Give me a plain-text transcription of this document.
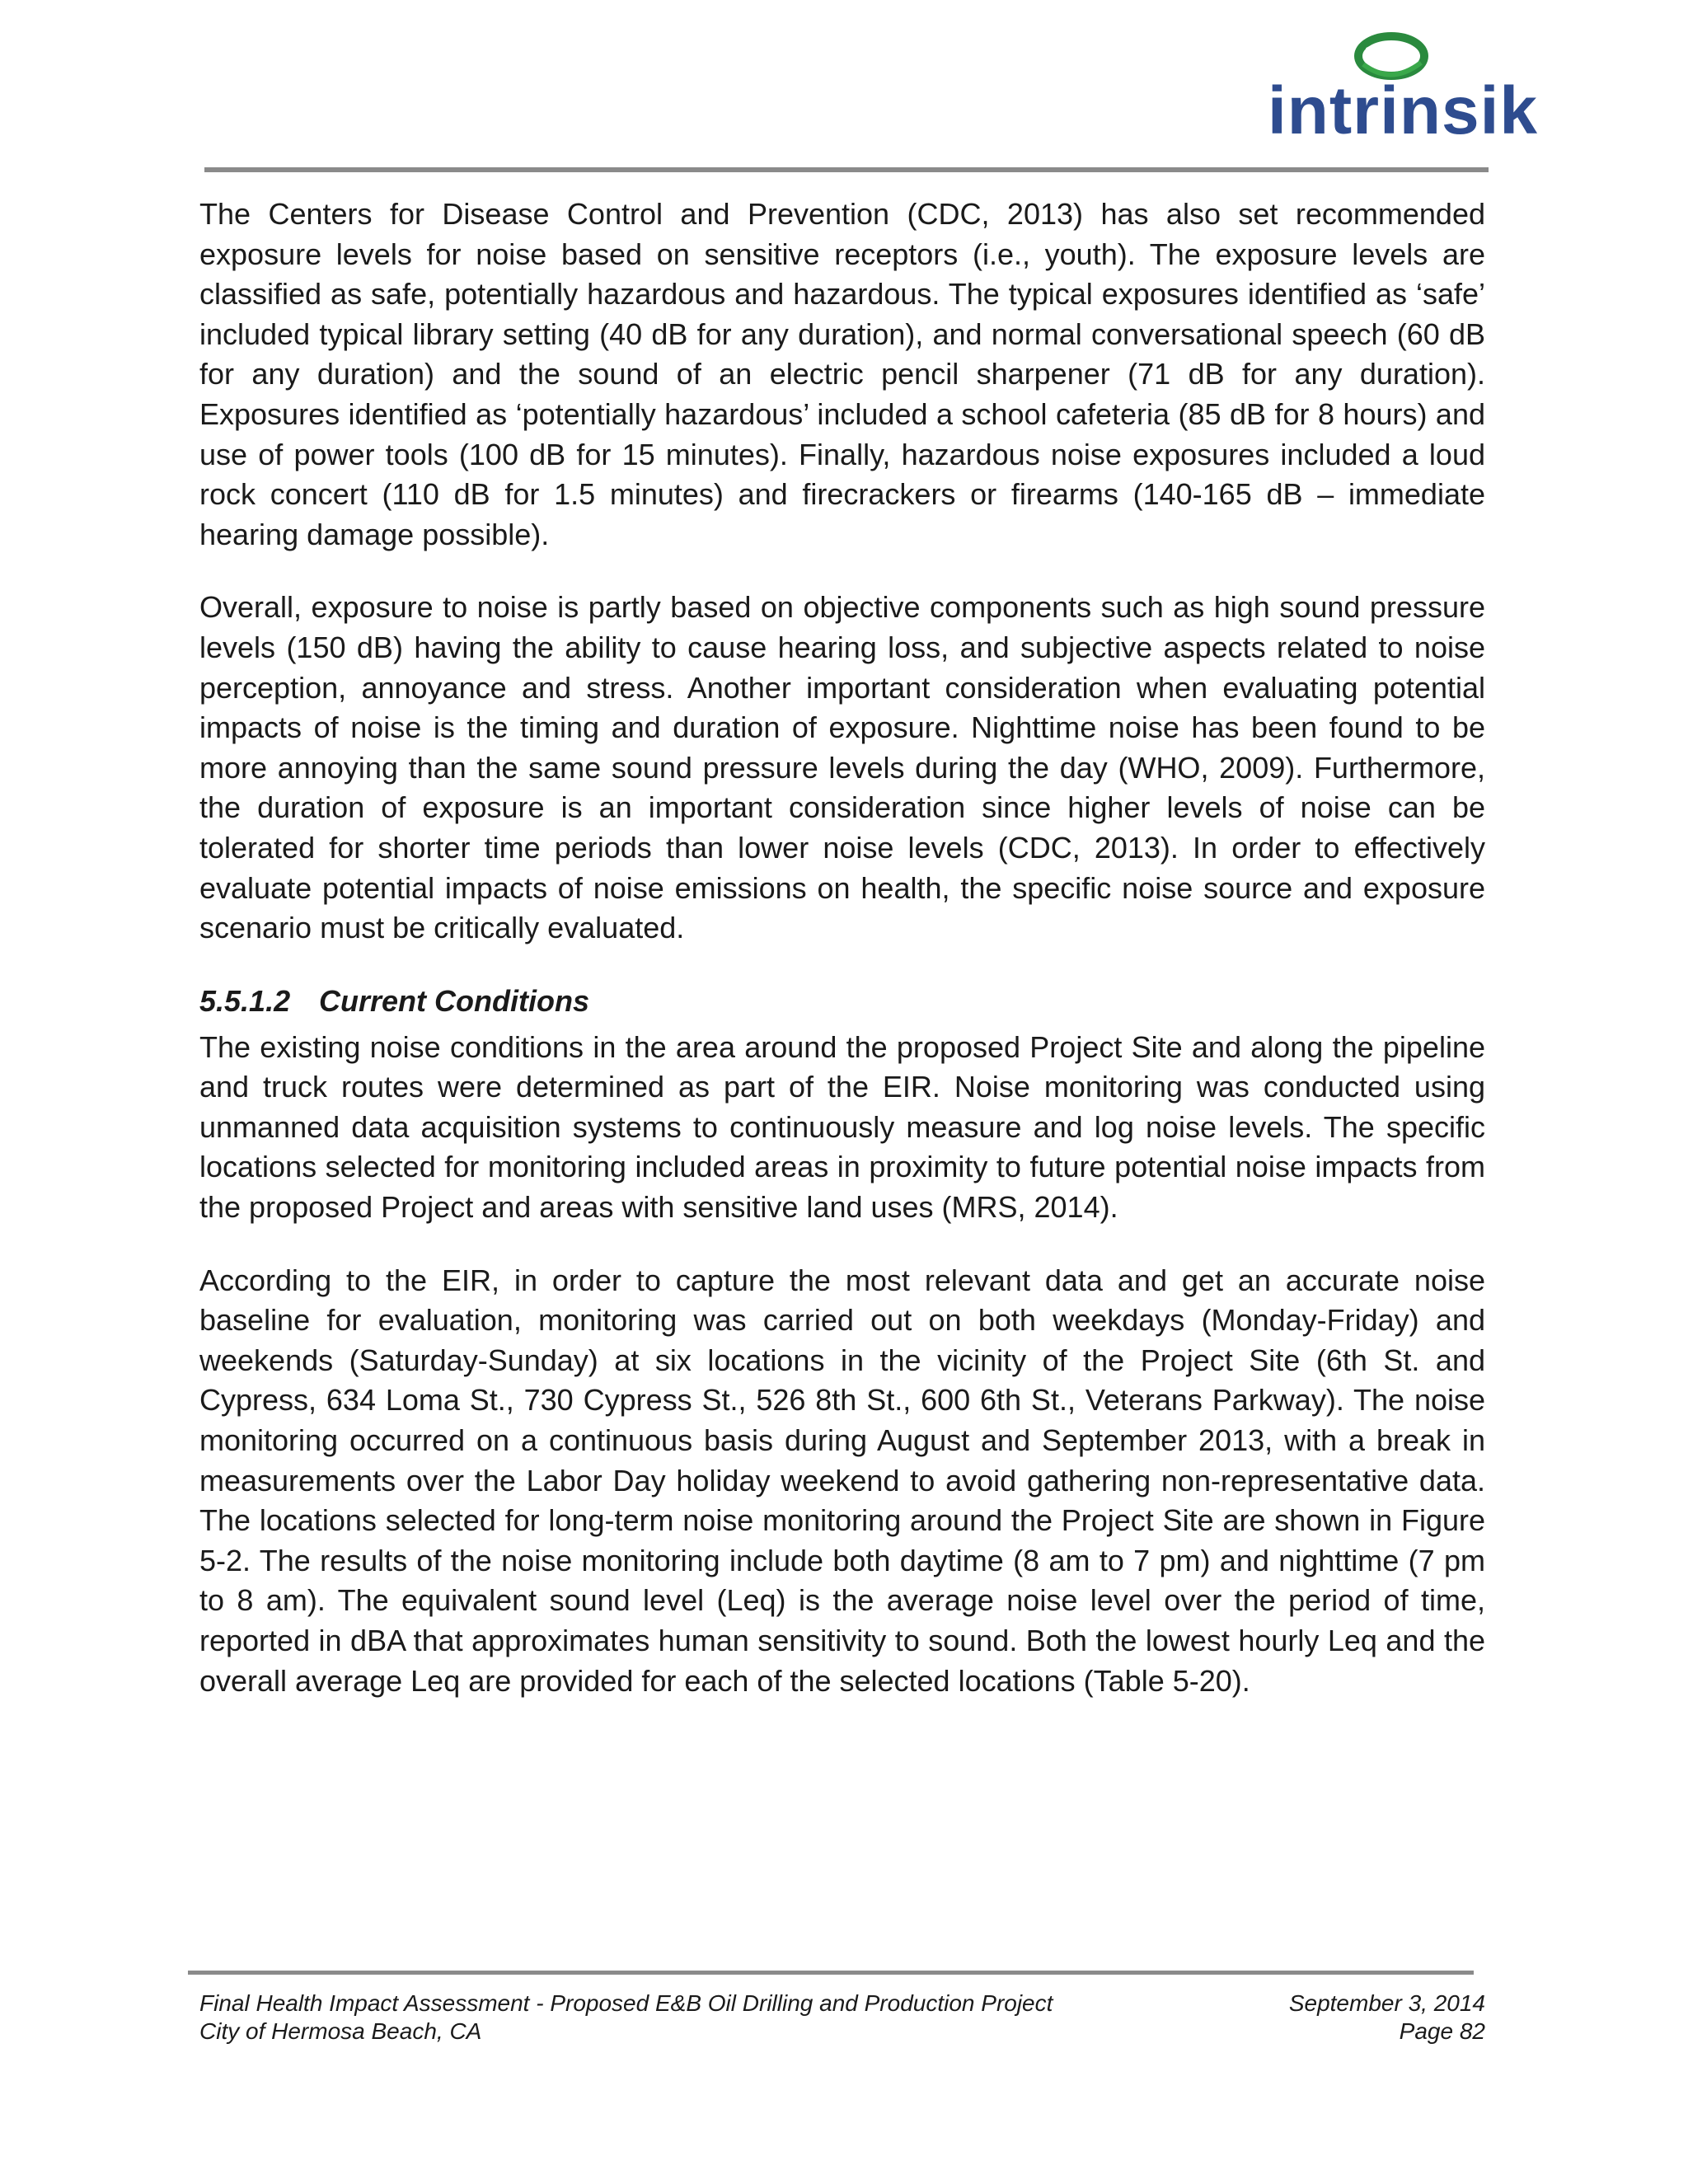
intrinsik

The Centers for Disease Control and Prevention (CDC, 2013) has also set recommended exposure levels for noise based on sensitive receptors (i.e., youth). The exposure levels are classified as safe, potentially hazardous and hazardous. The typical exposures identified as ‘safe’ included typical library setting (40 dB for any duration), and normal conversational speech (60 dB for any duration) and the sound of an electric pencil sharpener (71 dB for any duration). Exposures identified as ‘potentially hazardous’ included a school cafeteria (85 dB for 8 hours) and use of power tools (100 dB for 15 minutes). Finally, hazardous noise exposures included a loud rock concert (110 dB for 1.5 minutes) and firecrackers or firearms (140-165 dB – immediate hearing damage possible).

Overall, exposure to noise is partly based on objective components such as high sound pressure levels (150 dB) having the ability to cause hearing loss, and subjective aspects related to noise perception, annoyance and stress. Another important consideration when evaluating potential impacts of noise is the timing and duration of exposure. Nighttime noise has been found to be more annoying than the same sound pressure levels during the day (WHO, 2009). Furthermore, the duration of exposure is an important consideration since higher levels of noise can be tolerated for shorter time periods than lower noise levels (CDC, 2013). In order to effectively evaluate potential impacts of noise emissions on health, the specific noise source and exposure scenario must be critically evaluated.

5.5.1.2 Current Conditions

The existing noise conditions in the area around the proposed Project Site and along the pipeline and truck routes were determined as part of the EIR. Noise monitoring was conducted using unmanned data acquisition systems to continuously measure and log noise levels. The specific locations selected for monitoring included areas in proximity to future potential noise impacts from the proposed Project and areas with sensitive land uses (MRS, 2014).

According to the EIR, in order to capture the most relevant data and get an accurate noise baseline for evaluation, monitoring was carried out on both weekdays (Monday-Friday) and weekends (Saturday-Sunday) at six locations in the vicinity of the Project Site (6th St. and Cypress, 634 Loma St., 730 Cypress St., 526 8th St., 600 6th St., Veterans Parkway). The noise monitoring occurred on a continuous basis during August and September 2013, with a break in measurements over the Labor Day holiday weekend to avoid gathering non-representative data. The locations selected for long-term noise monitoring around the Project Site are shown in Figure 5-2. The results of the noise monitoring include both daytime (8 am to 7 pm) and nighttime (7 pm to 8 am). The equivalent sound level (Leq) is the average noise level over the period of time, reported in dBA that approximates human sensitivity to sound. Both the lowest hourly Leq and the overall average Leq are provided for each of the selected locations (Table 5-20).

Final Health Impact Assessment - Proposed E&B Oil Drilling and Production Project	September 3, 2014
City of Hermosa Beach, CA	Page 82
